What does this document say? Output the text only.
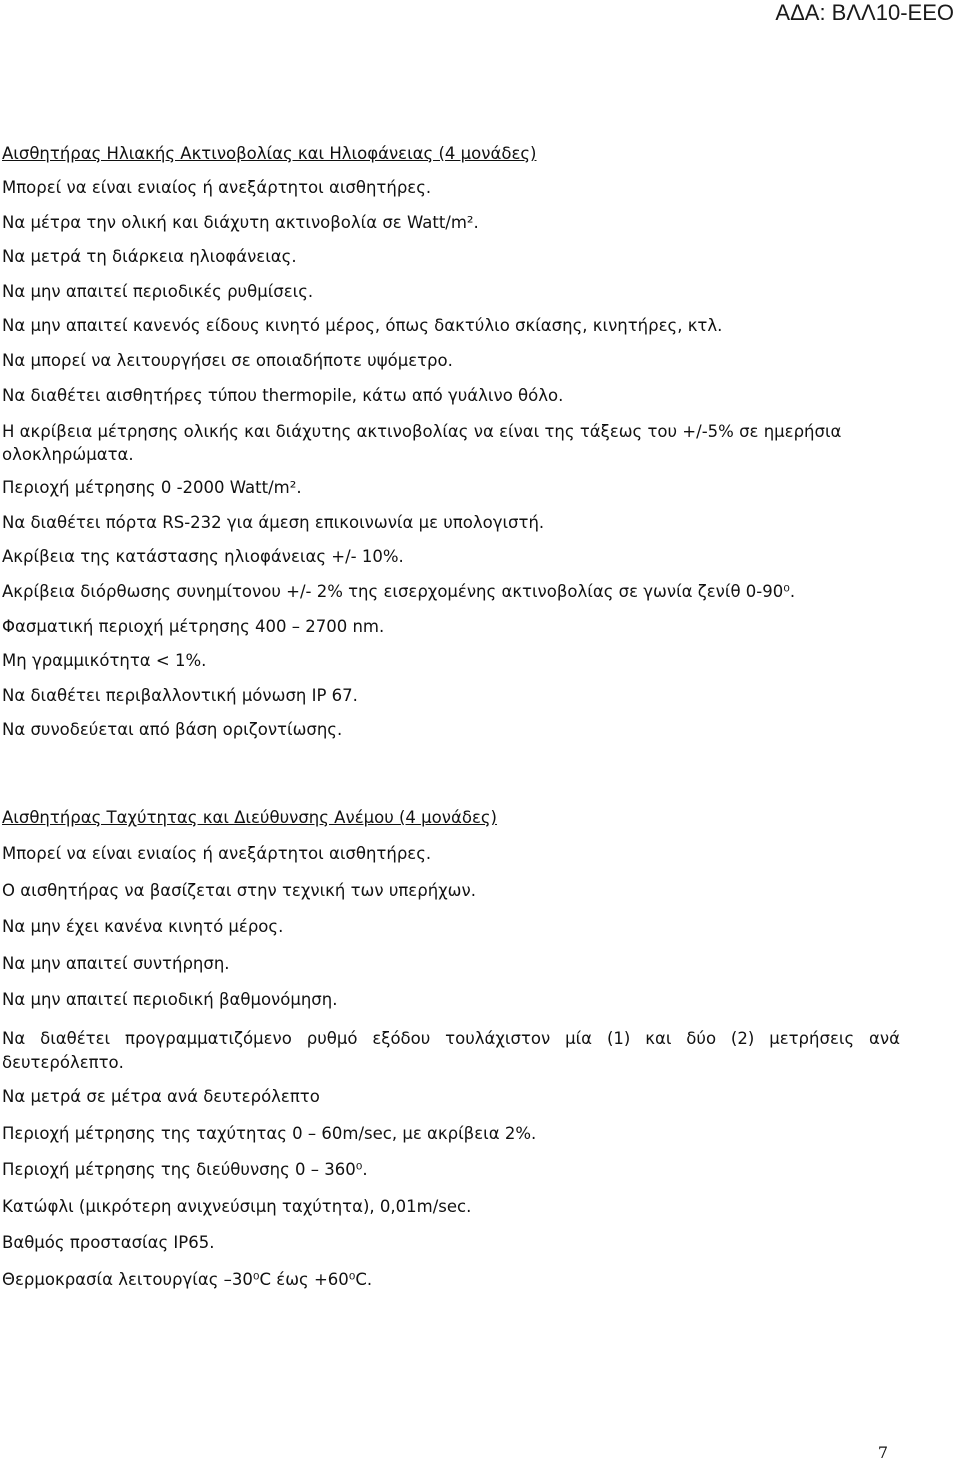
ΑΔΑ: ΒΛΛ10-ΕΕΟ
Αισθητήρας Ηλιακής Ακτινοβολίας και Ηλιοφάνειας (4 μονάδες)
Μπορεί να είναι ενιαίος ή ανεξάρτητοι αισθητήρες.
Να μέτρα την ολική και διάχυτη ακτινοβολία σε Watt/m².
Να μετρά τη διάρκεια ηλιοφάνειας.
Να μην απαιτεί περιοδικές ρυθμίσεις.
Να μην απαιτεί κανενός είδους κινητό μέρος, όπως δακτύλιο σκίασης, κινητήρες, κτλ.
Να μπορεί να λειτουργήσει σε οποιαδήποτε υψόμετρο.
Να διαθέτει αισθητήρες τύπου thermopile, κάτω από γυάλινο θόλο.
Η ακρίβεια μέτρησης ολικής και διάχυτης ακτινοβολίας να είναι της τάξεως του +/-5% σε ημερήσια ολοκληρώματα.
Περιοχή μέτρησης 0 -2000 Watt/m².
Να διαθέτει πόρτα RS-232 για άμεση επικοινωνία με υπολογιστή.
Ακρίβεια της κατάστασης ηλιοφάνειας +/- 10%.
Ακρίβεια διόρθωσης συνημίτονου +/- 2% της εισερχομένης ακτινοβολίας σε γωνία ζενίθ 0-90⁰.
Φασματική περιοχή μέτρησης 400 – 2700 nm.
Μη γραμμικότητα < 1%.
Να διαθέτει περιβαλλοντική μόνωση IP 67.
Να συνοδεύεται από βάση οριζοντίωσης.
Αισθητήρας Ταχύτητας και Διεύθυνσης Ανέμου (4 μονάδες)
Μπορεί να είναι ενιαίος ή ανεξάρτητοι αισθητήρες.
Ο αισθητήρας να βασίζεται στην τεχνική των υπερήχων.
Να μην έχει κανένα κινητό μέρος.
Να μην απαιτεί συντήρηση.
Να μην απαιτεί περιοδική βαθμονόμηση.
Να διαθέτει προγραμματιζόμενο ρυθμό εξόδου τουλάχιστον μία (1) και δύο (2) μετρήσεις ανά δευτερόλεπτο.
Να μετρά σε μέτρα ανά δευτερόλεπτο
Περιοχή μέτρησης της ταχύτητας 0 – 60m/sec, με ακρίβεια 2%.
Περιοχή μέτρησης της διεύθυνσης 0 – 360⁰.
Κατώφλι (μικρότερη ανιχνεύσιμη ταχύτητα), 0,01m/sec.
Βαθμός προστασίας IP65.
Θερμοκρασία λειτουργίας –30⁰C έως +60⁰C.
7
